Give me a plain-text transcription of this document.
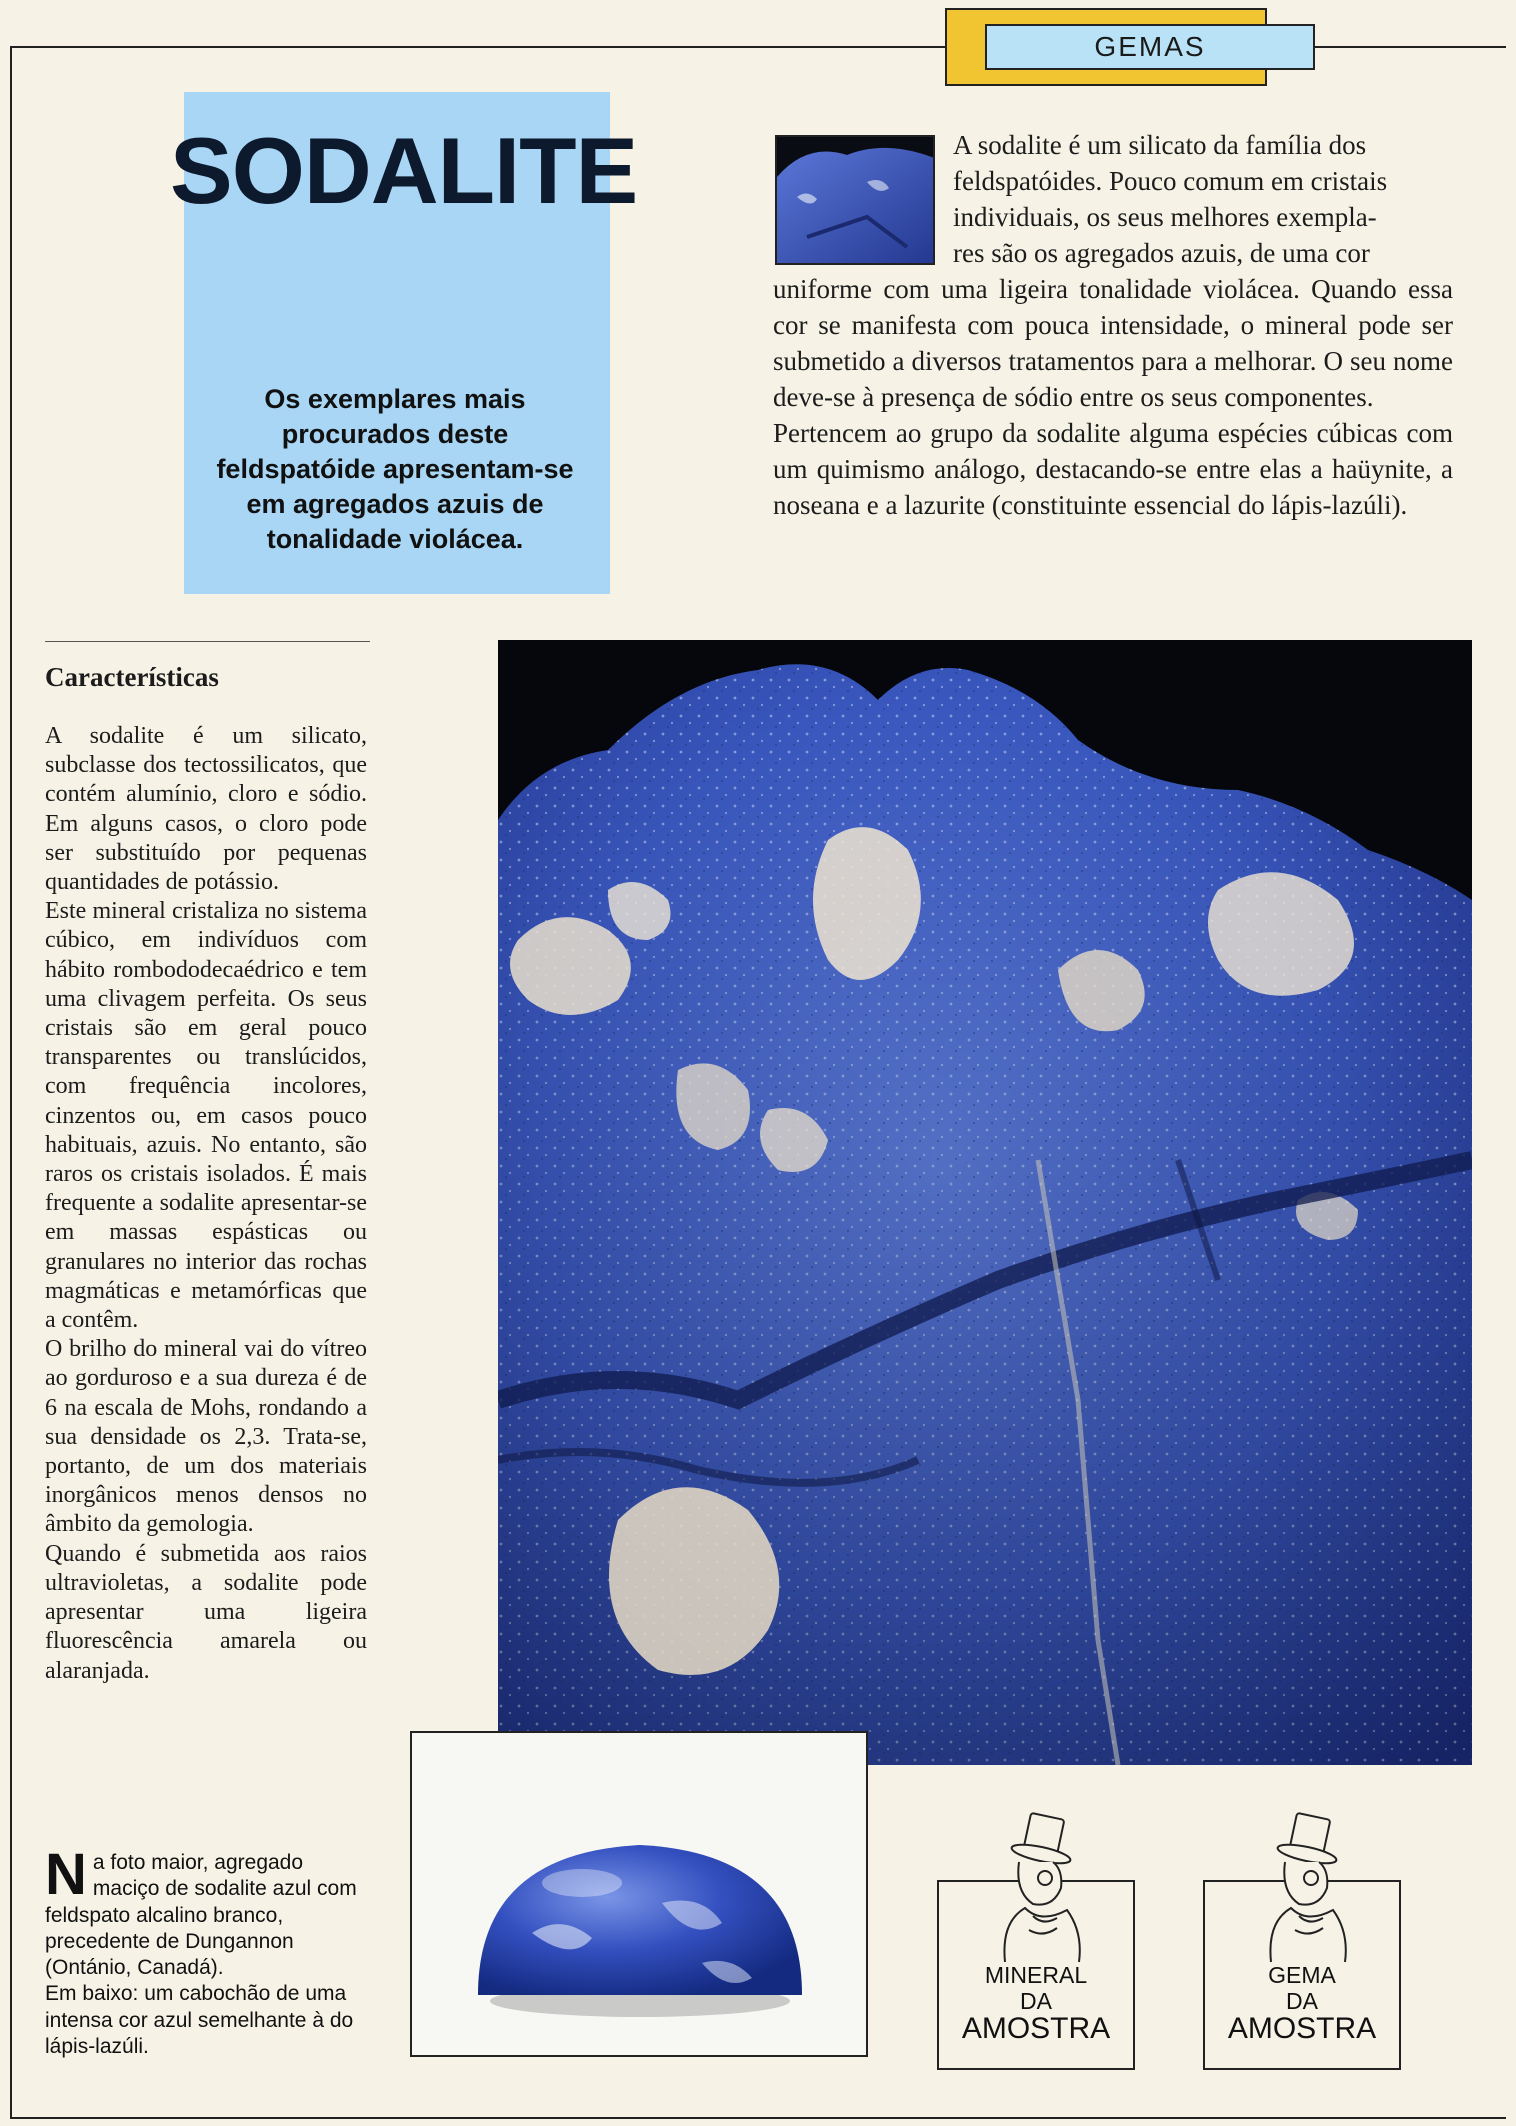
GEMAS
SODALITE
Os exemplares mais procurados deste feldspatóide apresentam-se em agregados azuis de tonalidade violácea.

A sodalite é um silicato da família dos

feldspatóides. Pouco comum em cristais

individuais, os seus melhores exempla-

res são os agregados azuis, de uma cor

uniforme com uma ligeira tonalidade violácea. Quando essa cor se manifesta com pouca intensidade, o mineral pode ser submetido a diversos tratamentos para a melhorar. O seu nome deve-se à presença de sódio entre os seus componentes.

Pertencem ao grupo da sodalite alguma espécies cúbicas com um quimismo análogo, destacando-se entre elas a haüynite, a noseana e a lazurite (constituinte essencial do lápis-lazúli).

Características

A sodalite é um silicato, subclasse dos tectossilicatos, que contém alumínio, cloro e sódio. Em alguns casos, o cloro pode ser substituído por pequenas quantidades de potássio.

Este mineral cristaliza no sistema cúbico, em indivíduos com hábito rombododecaédrico e tem uma clivagem perfeita. Os seus cristais são em geral pouco transparentes ou translúcidos, com frequência incolores, cinzentos ou, em casos pouco habituais, azuis. No entanto, são raros os cristais isolados. É mais frequente a sodalite apresentar-se em massas espásticas ou granulares no interior das rochas magmáticas e metamórficas que a contêm.

O brilho do mineral vai do vítreo ao gorduroso e a sua dureza é de 6 na escala de Mohs, rondando a sua densidade os 2,3. Trata-se, portanto, de um dos materiais inorgânicos menos densos no âmbito da gemologia.

Quando é submetida aos raios ultravioletas, a sodalite pode apresentar uma ligeira fluorescência amarela ou alaranjada.

Na foto maior, agregado maciço de sodalite azul com feldspato alcalino branco, precedente de Dungannon (Ontánio, Canadá).
Em baixo: um cabochão de uma intensa cor azul semelhante à do lápis-lazúli.
MINERAL
DA
AMOSTRA
GEMA
DA
AMOSTRA
